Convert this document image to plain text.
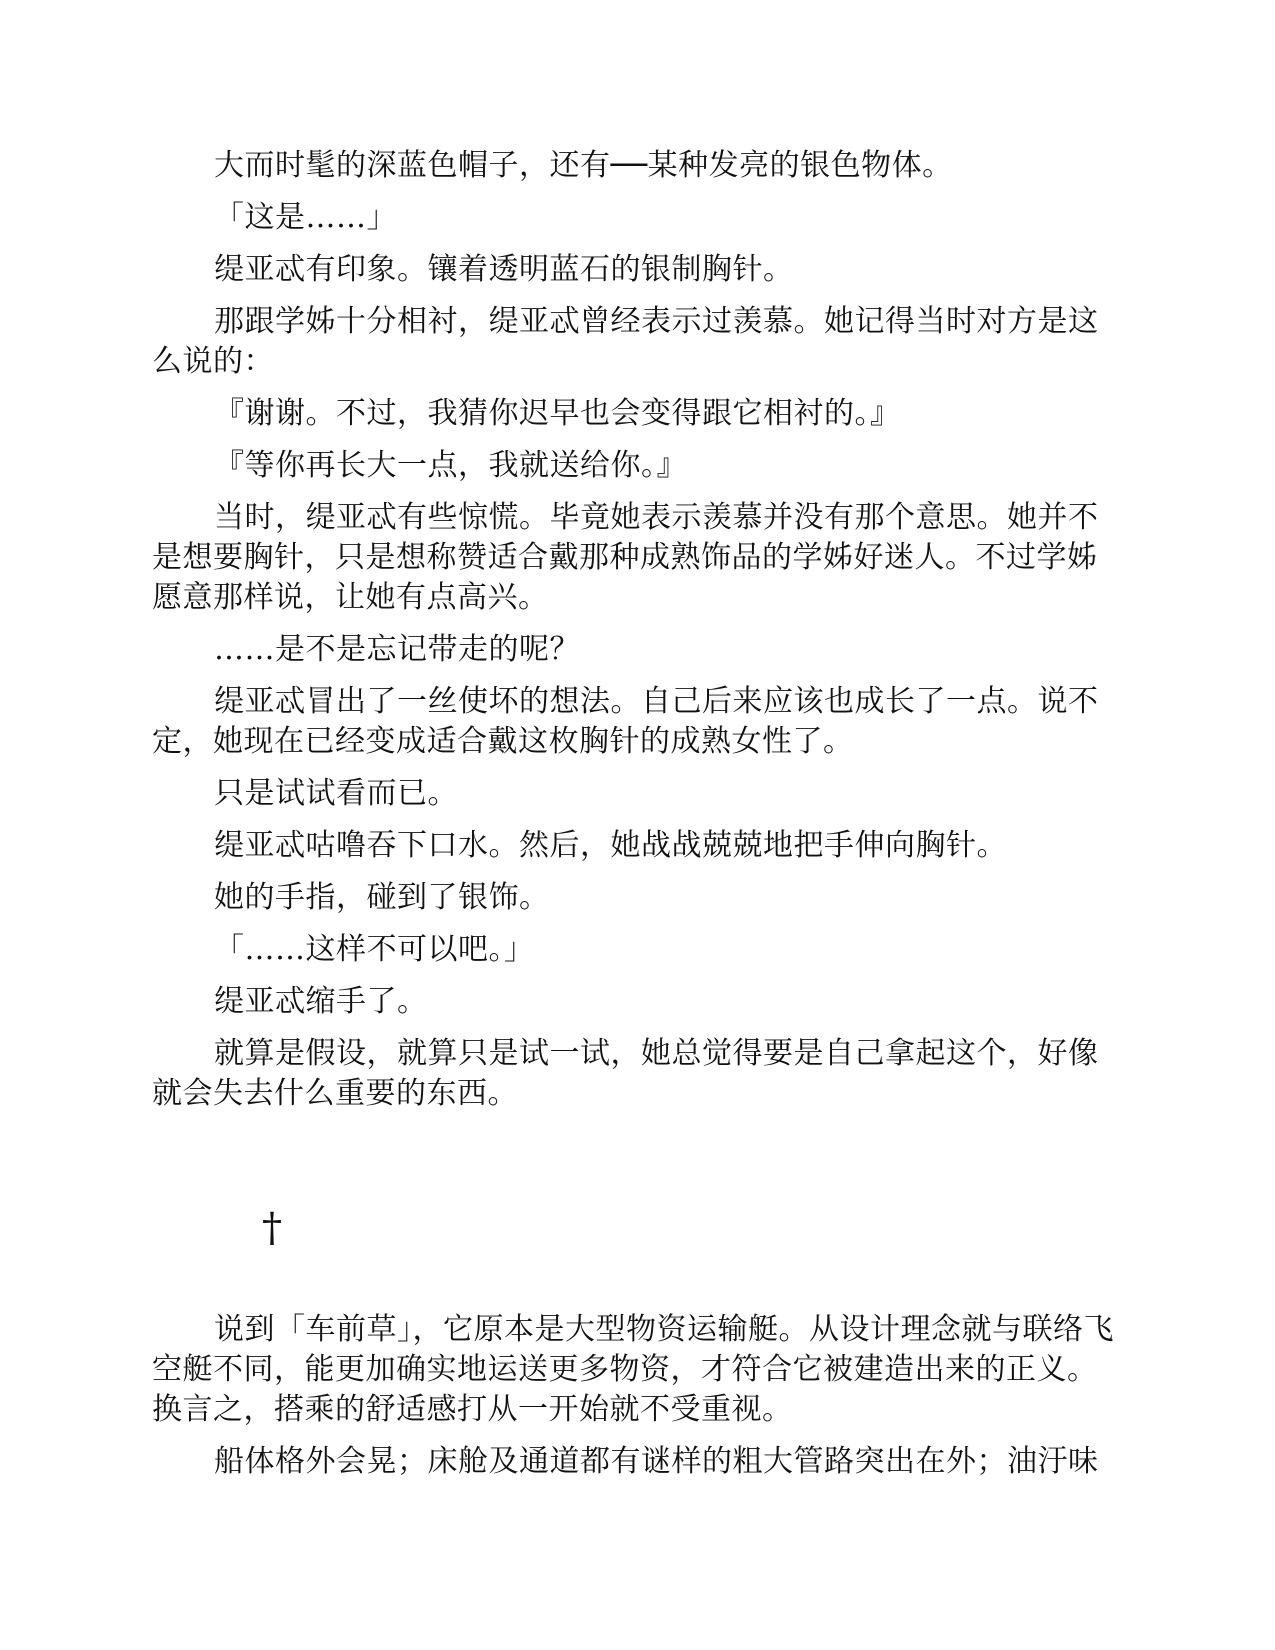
大而时髦的深蓝色帽子，还有──某种发亮的银色物体。

「这是……」

缇亚忒有印象。镶着透明蓝石的银制胸针。

那跟学姊十分相衬，缇亚忒曾经表示过羡慕。她记得当时对方是这么说的：

『谢谢。不过，我猜你迟早也会变得跟它相衬的。』

『等你再长大一点，我就送给你。』

当时，缇亚忒有些惊慌。毕竟她表示羡慕并没有那个意思。她并不是想要胸针，只是想称赞适合戴那种成熟饰品的学姊好迷人。不过学姊愿意那样说，让她有点高兴。

……是不是忘记带走的呢？

缇亚忒冒出了一丝使坏的想法。自己后来应该也成长了一点。说不定，她现在已经变成适合戴这枚胸针的成熟女性了。

只是试试看而已。

缇亚忒咕噜吞下口水。然后，她战战兢兢地把手伸向胸针。

她的手指，碰到了银饰。

「……这样不可以吧。」

缇亚忒缩手了。

就算是假设，就算只是试一试，她总觉得要是自己拿起这个，好像就会失去什么重要的东西。

†

说到「车前草」，它原本是大型物资运输艇。从设计理念就与联络飞空艇不同，能更加确实地运送更多物资，才符合它被建造出来的正义。换言之，搭乘的舒适感打从一开始就不受重视。

船体格外会晃；床舱及通道都有谜样的粗大管路突出在外；油汙味
